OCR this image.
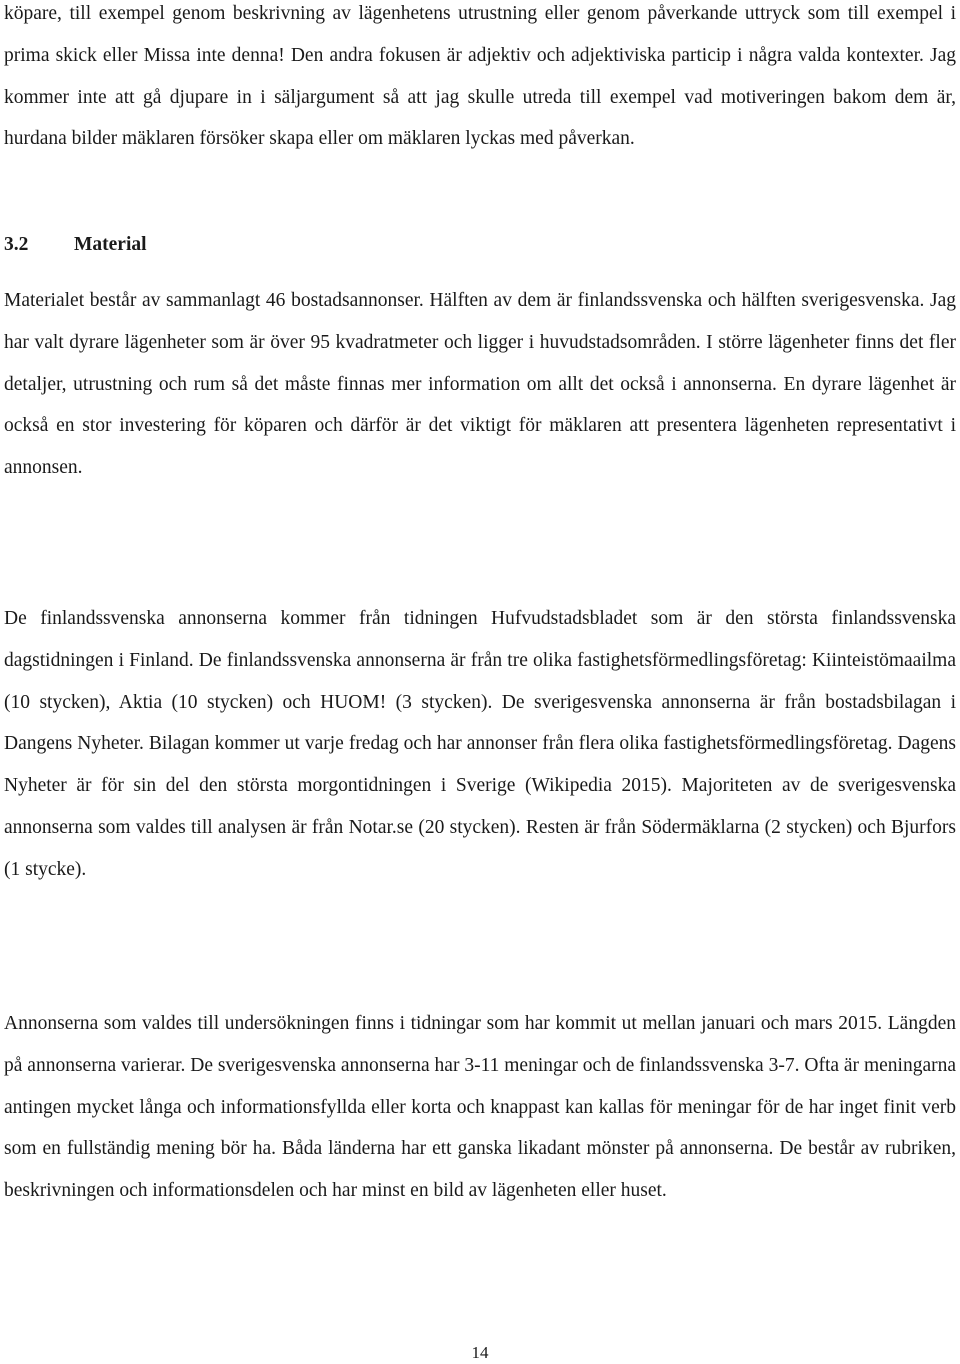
köpare, till exempel genom beskrivning av lägenhetens utrustning eller genom påverkande uttryck som till exempel i prima skick eller Missa inte denna! Den andra fokusen är adjektiv och adjektiviska particip i några valda kontexter. Jag kommer inte att gå djupare in i säljargument så att jag skulle utreda till exempel vad motiveringen bakom dem är, hurdana bilder mäklaren försöker skapa eller om mäklaren lyckas med påverkan.

3.2 Material

Materialet består av sammanlagt 46 bostadsannonser. Hälften av dem är finlandssvenska och hälften sverigesvenska. Jag har valt dyrare lägenheter som är över 95 kvadratmeter och ligger i huvudstadsområden. I större lägenheter finns det fler detaljer, utrustning och rum så det måste finnas mer information om allt det också i annonserna. En dyrare lägenhet är också en stor investering för köparen och därför är det viktigt för mäklaren att presentera lägenheten representativt i annonsen.

De finlandssvenska annonserna kommer från tidningen Hufvudstadsbladet som är den största finlandssvenska dagstidningen i Finland. De finlandssvenska annonserna är från tre olika fastighetsförmedlingsföretag: Kiinteistömaailma (10 stycken), Aktia (10 stycken) och HUOM! (3 stycken). De sverigesvenska annonserna är från bostadsbilagan i Dangens Nyheter. Bilagan kommer ut varje fredag och har annonser från flera olika fastighetsförmedlingsföretag. Dagens Nyheter är för sin del den största morgontidningen i Sverige (Wikipedia 2015). Majoriteten av de sverigesvenska annonserna som valdes till analysen är från Notar.se (20 stycken). Resten är från Södermäklarna (2 stycken) och Bjurfors (1 stycke).

Annonserna som valdes till undersökningen finns i tidningar som har kommit ut mellan januari och mars 2015. Längden på annonserna varierar. De sverigesvenska annonserna har 3-11 meningar och de finlandssvenska 3-7. Ofta är meningarna antingen mycket långa och informationsfyllda eller korta och knappast kan kallas för meningar för de har inget finit verb som en fullständig mening bör ha. Båda länderna har ett ganska likadant mönster på annonserna. De består av rubriken, beskrivningen och informationsdelen och har minst en bild av lägenheten eller huset.

14
